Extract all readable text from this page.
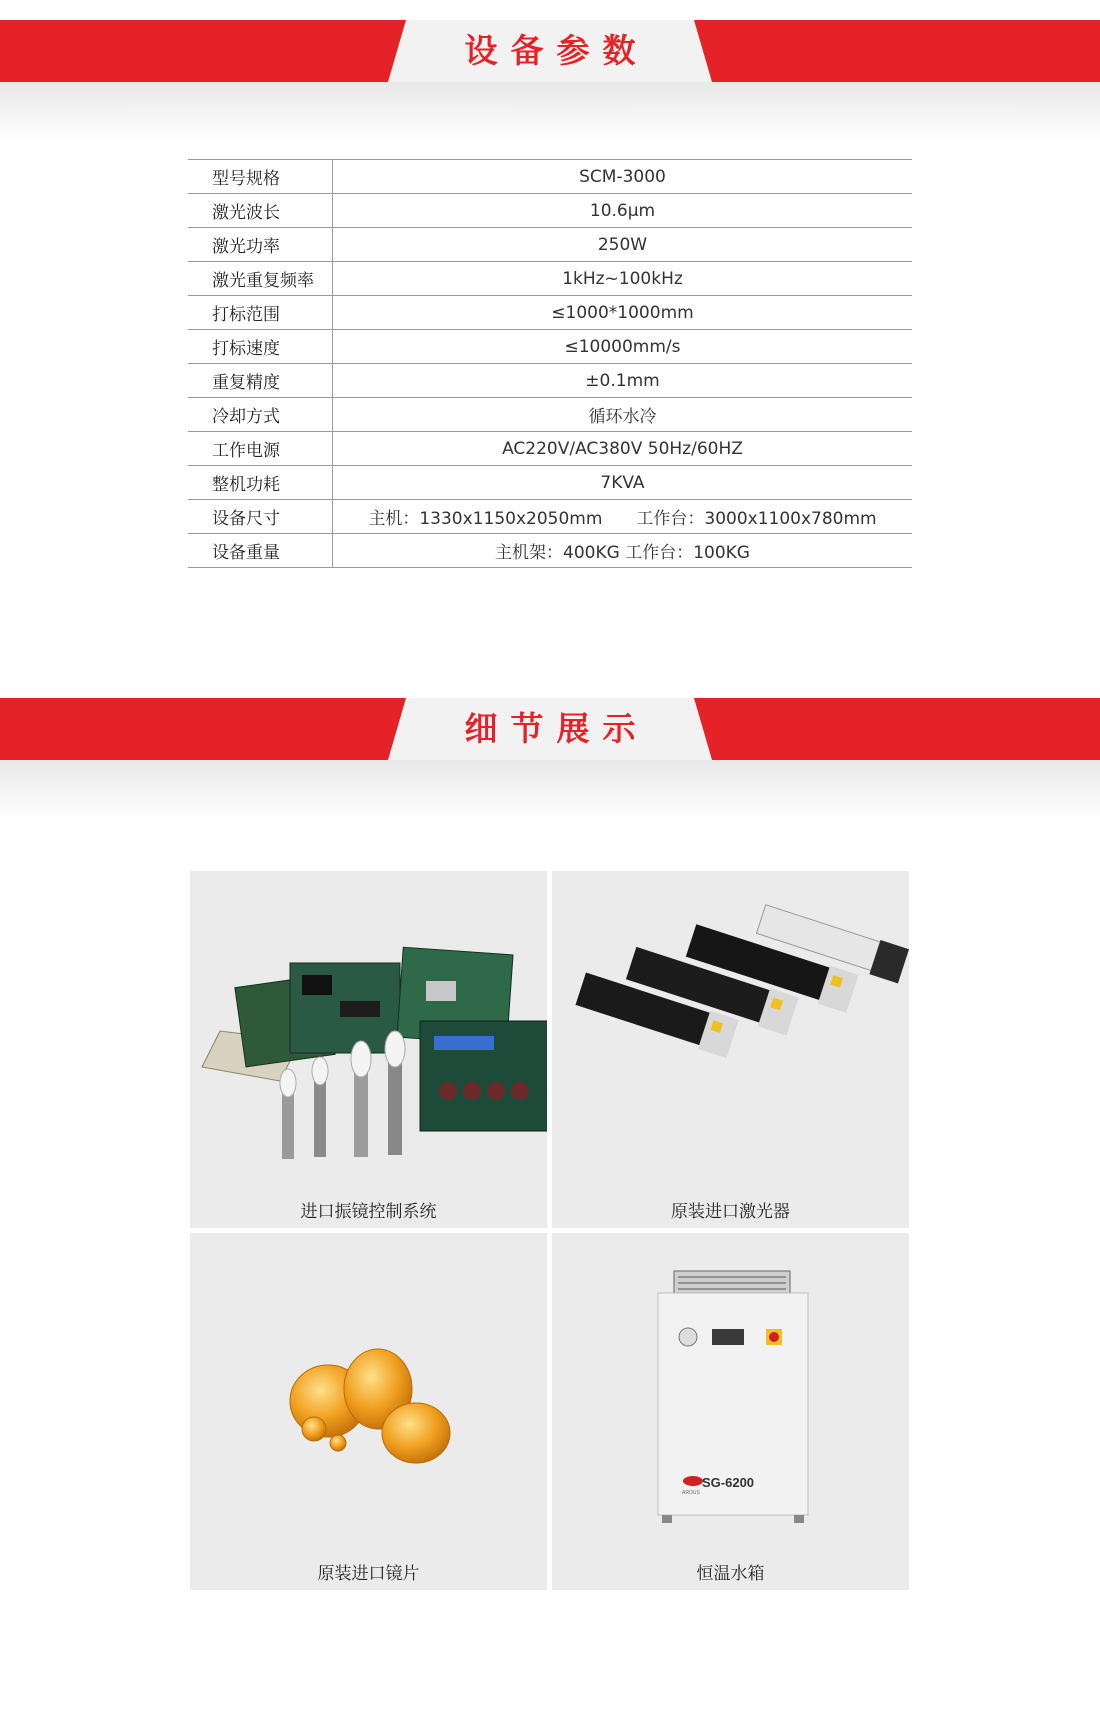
设备参数
型号规格	SCM-3000
激光波长	10.6μm
激光功率	250W
激光重复频率	1kHz~100kHz
打标范围	≤1000*1000mm
打标速度	≤10000mm/s
重复精度	±0.1mm
冷却方式	循环水冷
工作电源	AC220V/AC380V 50Hz/60HZ
整机功耗	7KVA
设备尺寸	主机：1330x1150x2050mm 工作台：3000x1100x780mm
设备重量	主机架：400KG 工作台：100KG
细节展示
进口振镜控制系统	原装进口激光器
原装进口镜片
SG-6200
AROUS
恒温水箱
